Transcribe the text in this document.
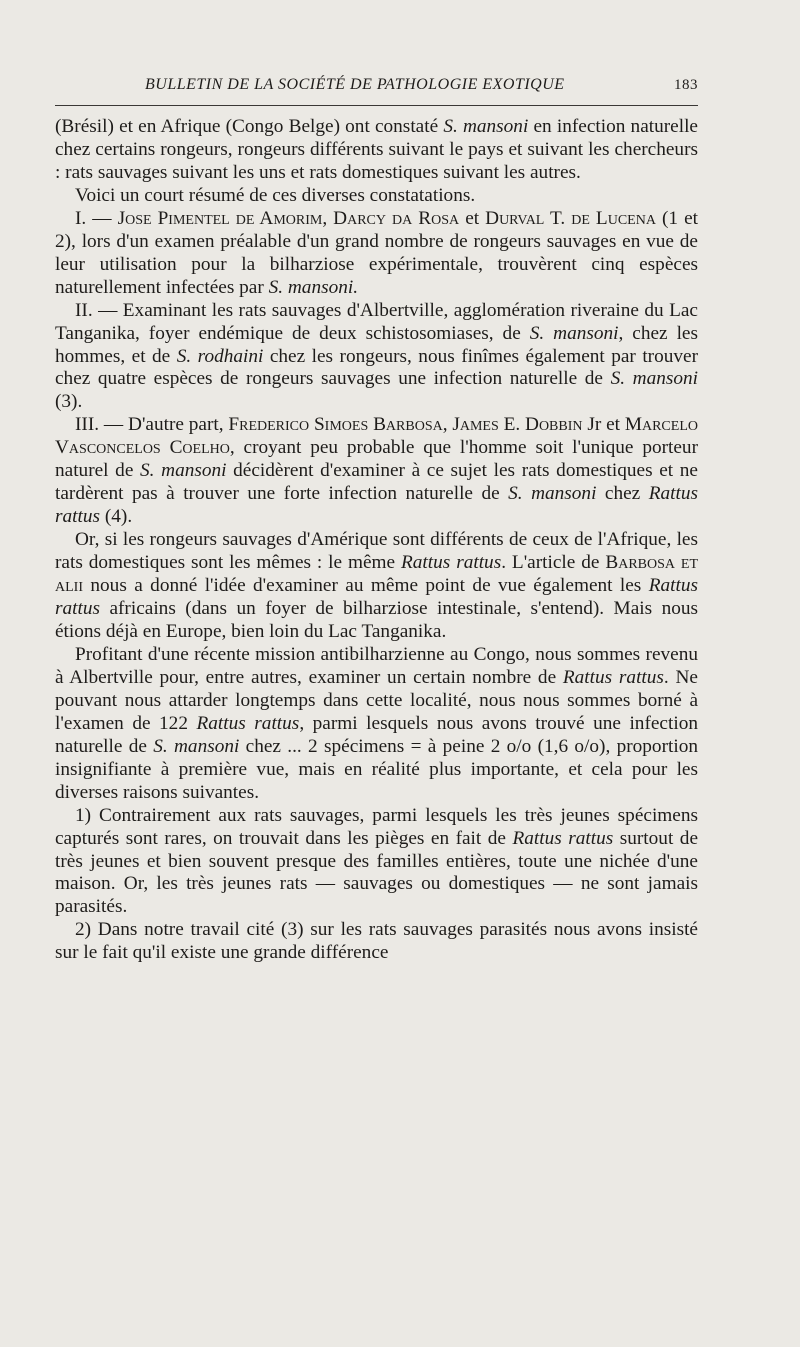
BULLETIN DE LA SOCIÉTÉ DE PATHOLOGIE EXOTIQUE	183

(Brésil) et en Afrique (Congo Belge) ont constaté S. mansoni en infection naturelle chez certains rongeurs, rongeurs différents suivant le pays et suivant les chercheurs : rats sauvages suivant les uns et rats domestiques suivant les autres.

Voici un court résumé de ces diverses constatations.

I. — Jose Pimentel de Amorim, Darcy da Rosa et Durval T. de Lucena (1 et 2), lors d'un examen préalable d'un grand nombre de rongeurs sauvages en vue de leur utilisation pour la bilharziose expérimentale, trouvèrent cinq espèces naturellement infectées par S. mansoni.

II. — Examinant les rats sauvages d'Albertville, agglomération riveraine du Lac Tanganika, foyer endémique de deux schistosomiases, de S. mansoni, chez les hommes, et de S. rodhaini chez les rongeurs, nous finîmes également par trouver chez quatre espèces de rongeurs sauvages une infection naturelle de S. mansoni (3).

III. — D'autre part, Frederico Simoes Barbosa, James E. Dobbin Jr et Marcelo Vasconcelos Coelho, croyant peu probable que l'homme soit l'unique porteur naturel de S. mansoni décidèrent d'examiner à ce sujet les rats domestiques et ne tardèrent pas à trouver une forte infection naturelle de S. mansoni chez Rattus rattus (4).

Or, si les rongeurs sauvages d'Amérique sont différents de ceux de l'Afrique, les rats domestiques sont les mêmes : le même Rattus rattus. L'article de Barbosa et alii nous a donné l'idée d'examiner au même point de vue également les Rattus rattus africains (dans un foyer de bilharziose intestinale, s'entend). Mais nous étions déjà en Europe, bien loin du Lac Tanganika.

Profitant d'une récente mission antibilharzienne au Congo, nous sommes revenu à Albertville pour, entre autres, examiner un certain nombre de Rattus rattus. Ne pouvant nous attarder longtemps dans cette localité, nous nous sommes borné à l'examen de 122 Rattus rattus, parmi lesquels nous avons trouvé une infection naturelle de S. mansoni chez ... 2 spécimens = à peine 2 o/o (1,6 o/o), proportion insignifiante à première vue, mais en réalité plus importante, et cela pour les diverses raisons suivantes.

1) Contrairement aux rats sauvages, parmi lesquels les très jeunes spécimens capturés sont rares, on trouvait dans les pièges en fait de Rattus rattus surtout de très jeunes et bien souvent presque des familles entières, toute une nichée d'une maison. Or, les très jeunes rats — sauvages ou domestiques — ne sont jamais parasités.

2) Dans notre travail cité (3) sur les rats sauvages parasités nous avons insisté sur le fait qu'il existe une grande différence
